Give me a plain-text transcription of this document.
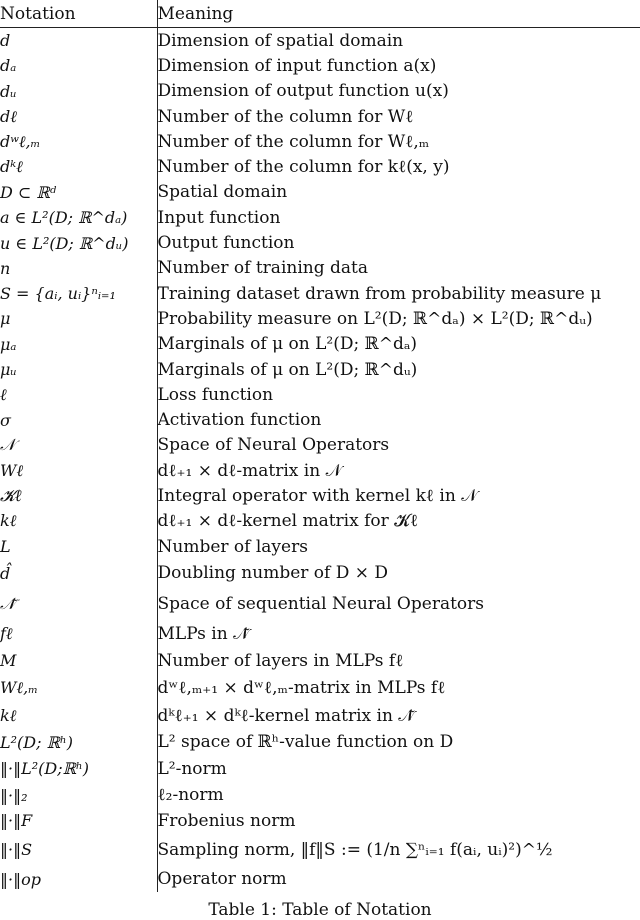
Notation	Meaning
d	Dimension of spatial domain
dₐ	Dimension of input function a(x)
dᵤ	Dimension of output function u(x)
dℓ	Number of the column for Wℓ
dʷℓ,ₘ	Number of the column for Wℓ,ₘ
dᵏℓ	Number of the column for kℓ(x, y)
D ⊂ ℝᵈ	Spatial domain
a ∈ L²(D; ℝ^dₐ)	Input function
u ∈ L²(D; ℝ^dᵤ)	Output function
n	Number of training data
S = {aᵢ, uᵢ}ⁿᵢ₌₁	Training dataset drawn from probability measure μ
μ	Probability measure on L²(D; ℝ^dₐ) × L²(D; ℝ^dᵤ)
μₐ	Marginals of μ on L²(D; ℝ^dₐ)
μᵤ	Marginals of μ on L²(D; ℝ^dᵤ)
ℓ	Loss function
σ	Activation function
𝒩	Space of Neural Operators
Wℓ	dℓ₊₁ × dℓ-matrix in 𝒩
𝓚ℓ	Integral operator with kernel kℓ in 𝒩
kℓ	dℓ₊₁ × dℓ-kernel matrix for 𝓚ℓ
L	Number of layers
d̂	Doubling number of D × D
𝒩̃	Space of sequential Neural Operators
fℓ	MLPs in 𝒩̃
M	Number of layers in MLPs fℓ
Wℓ,ₘ	dʷℓ,ₘ₊₁ × dʷℓ,ₘ-matrix in MLPs fℓ
kℓ	dᵏℓ₊₁ × dᵏℓ-kernel matrix in 𝒩̃
L²(D; ℝʰ)	L² space of ℝʰ-value function on D
‖·‖L²(D;ℝʰ)	L²-norm
‖·‖₂	ℓ₂-norm
‖·‖F	Frobenius norm
‖·‖S	Sampling norm, ‖f‖S := (1/n ∑ⁿᵢ₌₁ f(aᵢ, uᵢ)²)^½
‖·‖op	Operator norm
Table 1: Table of Notation
